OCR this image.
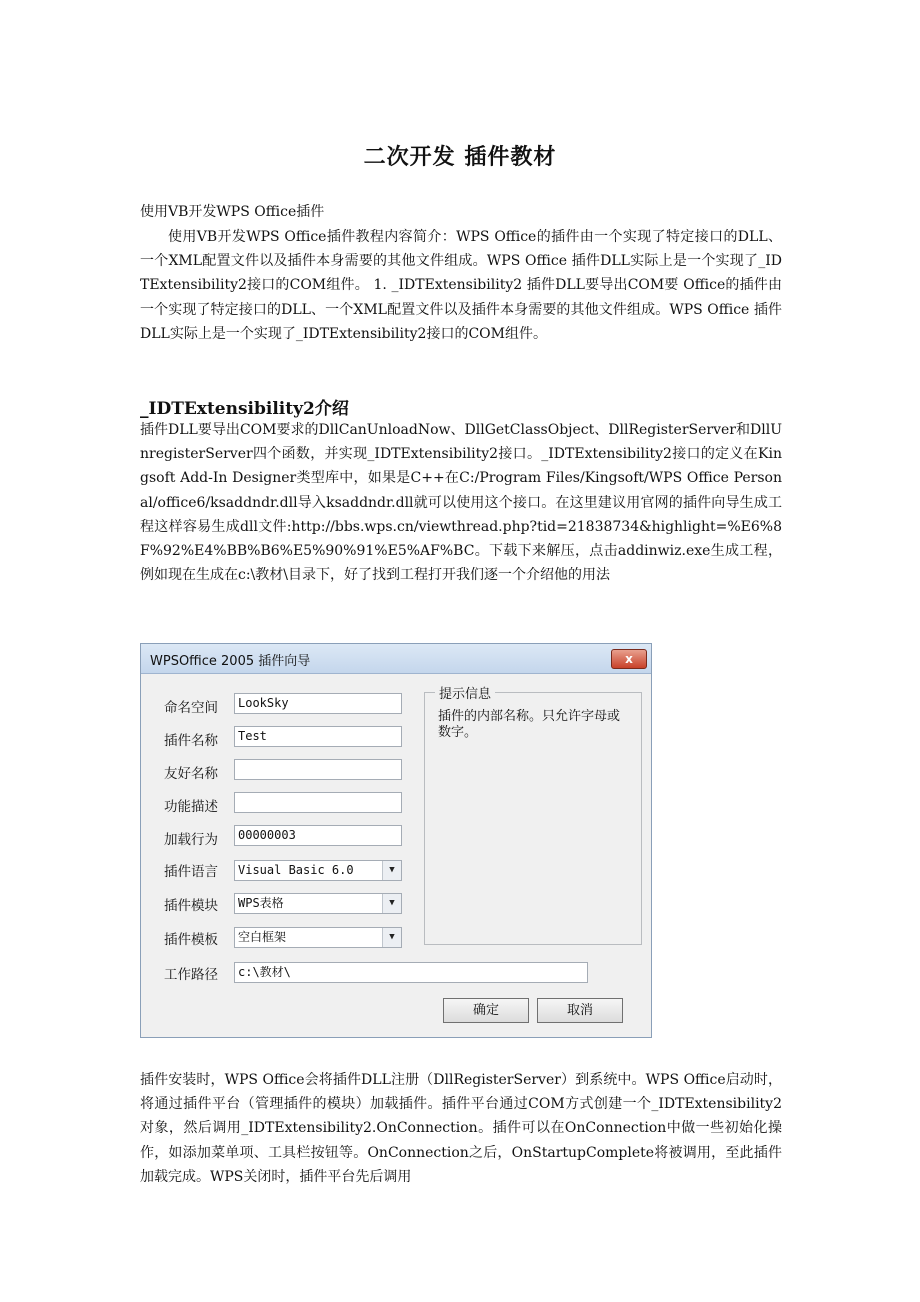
二次开发 插件教材

使用VB开发WPS Office插件

使用VB开发WPS Office插件教程内容简介：WPS Office的插件由一个实现了特定接口的DLL、一个XML配置文件以及插件本身需要的其他文件组成。WPS Office 插件DLL实际上是一个实现了_IDTExtensibility2接口的COM组件。 1. _IDTExtensibility2 插件DLL要导出COM要 Office的插件由一个实现了特定接口的DLL、一个XML配置文件以及插件本身需要的其他文件组成。WPS Office 插件DLL实际上是一个实现了_IDTExtensibility2接口的COM组件。

_IDTExtensibility2介绍

插件DLL要导出COM要求的DllCanUnloadNow、DllGetClassObject、DllRegisterServer和DllUnregisterServer四个函数，并实现_IDTExtensibility2接口。_IDTExtensibility2接口的定义在Kingsoft Add-In Designer类型库中，如果是C++在C:/Program Files/Kingsoft/WPS Office Personal/office6/ksaddndr.dll导入ksaddndr.dll就可以使用这个接口。在这里建议用官网的插件向导生成工程这样容易生成dll文件:http://bbs.wps.cn/viewthread.php?tid=21838734&highlight=%E6%8F%92%E4%BB%B6%E5%90%91%E5%AF%BC。下载下来解压，点击addinwiz.exe生成工程，例如现在生成在c:\教材\目录下，好了找到工程打开我们逐一个介绍他的用法

WPSOffice 2005 插件向导	x
命名空间	LookSky
插件名称	Test
友好名称
功能描述
加载行为	00000003
插件语言	Visual Basic 6.0	▼
插件模块	WPS表格	▼
插件模板	空白框架	▼
提示信息
插件的内部名称。只允许字母或数字。
工作路径	c:\教材\
确定	取消

插件安装时，WPS Office会将插件DLL注册（DllRegisterServer）到系统中。WPS Office启动时，将通过插件平台（管理插件的模块）加载插件。插件平台通过COM方式创建一个_IDTExtensibility2对象，然后调用_IDTExtensibility2.OnConnection。插件可以在OnConnection中做一些初始化操作，如添加菜单项、工具栏按钮等。OnConnection之后，OnStartupComplete将被调用，至此插件加载完成。WPS关闭时，插件平台先后调用
